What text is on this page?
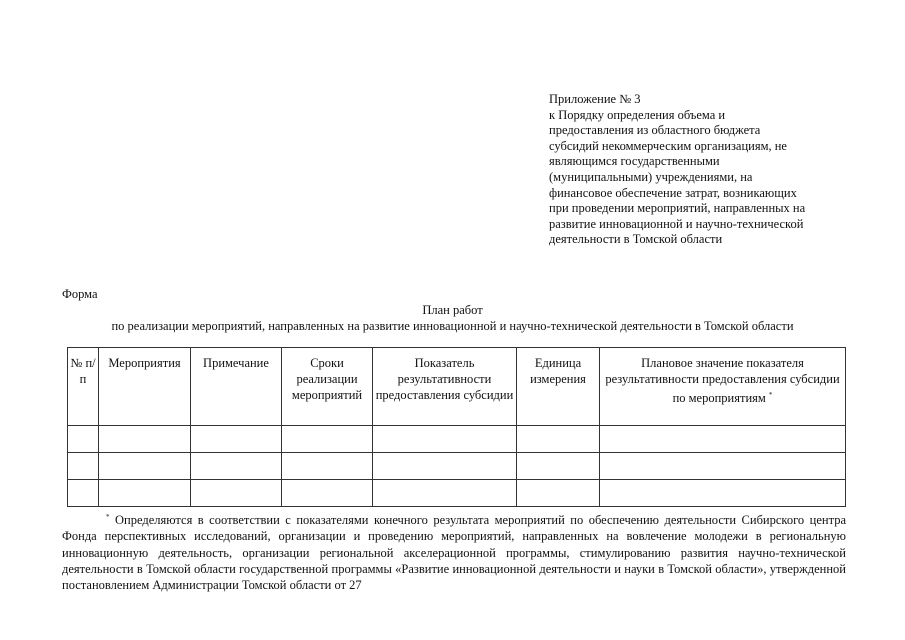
Приложение № 3
к Порядку определения объема и
предоставления из областного бюджета
субсидий некоммерческим организациям, не
являющимся государственными
(муниципальными) учреждениями, на
финансовое обеспечение затрат, возникающих
при проведении мероприятий, направленных на
развитие инновационной и научно-технической
деятельности в Томской области
Форма
План работ
по реализации мероприятий, направленных на развитие инновационной и научно-технической деятельности в Томской области
№ п/п	Мероприятия	Примечание	Сроки реализации мероприятий	Показатель результативности предоставления субсидии	Единица измерения	Плановое значение показателя результативности предоставления субсидии по мероприятиям *

* Определяются в соответствии с показателями конечного результата мероприятий по обеспечению деятельности Сибирского центра Фонда перспективных исследований, организации и проведению мероприятий, направленных на вовлечение молодежи в региональную инновационную деятельность, организации региональной акселерационной программы, стимулированию развития научно-технической деятельности в Томской области государственной программы «Развитие инновационной деятельности и науки в Томской области», утвержденной постановлением Администрации Томской области от 27
